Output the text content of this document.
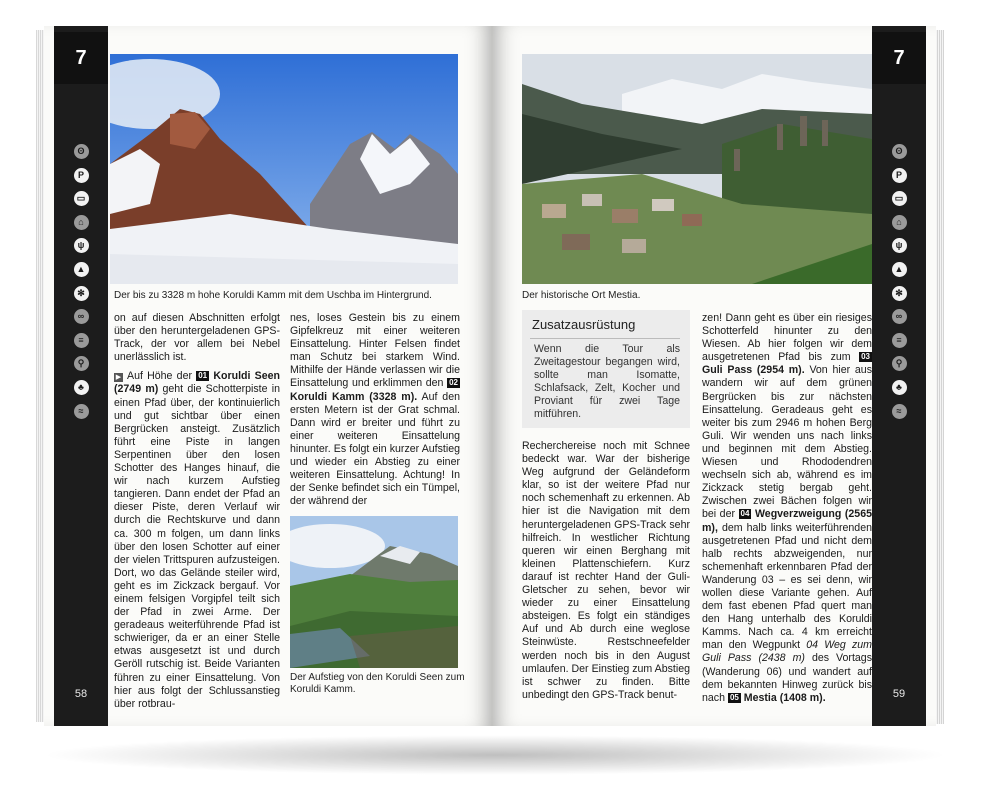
7
ʘ
P
▭
⌂
ψ
▲
✻
∞
≡
⚲
♣
≈
58
Der bis zu 3328 m hohe Koruldi Kamm mit dem Uschba im Hintergrund.

on auf diesen Abschnitten erfolgt über den heruntergeladenen GPS-Track, der vor allem bei Nebel unerlässlich ist.

▶ Auf Höhe der 01 Koruldi Seen (2749 m) geht die Schotterpiste in einen Pfad über, der kontinuierlich und gut sichtbar über einen Bergrücken ansteigt. Zusätzlich führt eine Piste in langen Serpentinen über den losen Schotter des Hanges hinauf, die wir nach kurzem Aufstieg tangieren. Dann endet der Pfad an dieser Piste, deren Verlauf wir durch die Rechtskurve und dann ca. 300 m folgen, um dann links über den losen Schotter auf einer der vielen Trittspuren aufzusteigen. Dort, wo das Gelände steiler wird, geht es im Zickzack bergauf. Vor einem felsigen Vorgipfel teilt sich der Pfad in zwei Arme. Der geradeaus weiterführende Pfad ist schwieriger, da er an einer Stelle etwas ausgesetzt ist und durch Geröll rutschig ist. Beide Varianten führen zu einer Einsattelung. Von hier aus folgt der Schlussanstieg über rotbrau-

nes, loses Gestein bis zu einem Gipfelkreuz mit einer weiteren Einsattelung. Hinter Felsen findet man Schutz bei starkem Wind. Mithilfe der Hände verlassen wir die Einsattelung und erklimmen den 02 Koruldi Kamm (3328 m). Auf den ersten Metern ist der Grat schmal. Dann wird er breiter und führt zu einer weiteren Einsattelung hinunter. Es folgt ein kurzer Aufstieg und wieder ein Abstieg zu einer weiteren Einsattelung. Achtung! In der Senke befindet sich ein Tümpel, der während der

Der Aufstieg von den Koruldi Seen zum Koruldi Kamm.
7
ʘ
P
▭
⌂
ψ
▲
✻
∞
≡
⚲
♣
≈
59
Der historische Ort Mestia.
Zusatzausrüstung
Wenn die Tour als Zweitagestour begangen wird, sollte man Isomatte, Schlafsack, Zelt, Kocher und Proviant für zwei Tage mitführen.

Recherchereise noch mit Schnee bedeckt war. War der bisherige Weg aufgrund der Geländeform klar, so ist der weitere Pfad nur noch schemenhaft zu erkennen. Ab hier ist die Navigation mit dem heruntergeladenen GPS-Track sehr hilfreich. In westlicher Richtung queren wir einen Berghang mit kleinen Plattenschiefern. Kurz darauf ist rechter Hand der Guli-Gletscher zu sehen, bevor wir wieder zu einer Einsattelung absteigen. Es folgt ein ständiges Auf und Ab durch eine weglose Steinwüste. Restschneefelder werden noch bis in den August umlaufen. Der Einstieg zum Abstieg ist schwer zu finden. Bitte unbedingt den GPS-Track benut-

zen! Dann geht es über ein riesiges Schotterfeld hinunter zu den Wiesen. Ab hier folgen wir dem ausgetretenen Pfad bis zum 03 Guli Pass (2954 m). Von hier aus wandern wir auf dem grünen Bergrücken bis zur nächsten Einsattelung. Geradeaus geht es weiter bis zum 2946 m hohen Berg Guli. Wir wenden uns nach links und beginnen mit dem Abstieg. Wiesen und Rhododendren wechseln sich ab, während es im Zickzack stetig bergab geht. Zwischen zwei Bächen folgen wir bei der 04 Wegverzweigung (2565 m), dem halb links weiterführenden ausgetretenen Pfad und nicht dem halb rechts abzweigenden, nur schemenhaft erkennbaren Pfad der Wanderung 03 – es sei denn, wir wollen diese Variante gehen. Auf dem fast ebenen Pfad quert man den Hang unterhalb des Koruldi Kamms. Nach ca. 4 km erreicht man den Wegpunkt 04 Weg zum Guli Pass (2438 m) des Vortags (Wanderung 06) und wandert auf dem bekannten Hinweg zurück bis nach 05 Mestia (1408 m).
